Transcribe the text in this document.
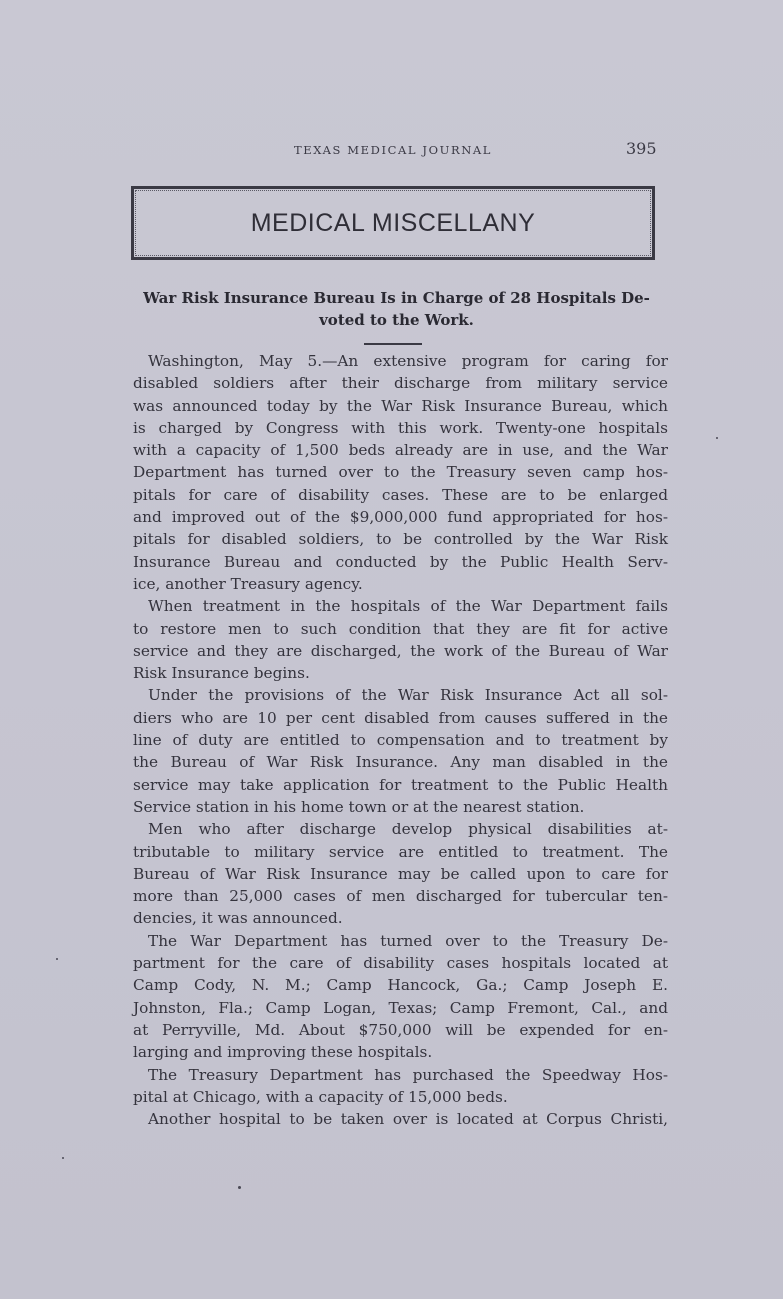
TEXAS MEDICAL JOURNAL	395
MEDICAL MISCELLANY
War Risk Insurance Bureau Is in Charge of 28 Hospitals De-
voted to the Work.
Washington, May 5.—An extensive program for caring for
disabled soldiers after their discharge from military service
was announced today by the War Risk Insurance Bureau, which
is charged by Congress with this work. Twenty-one hospitals
with a capacity of 1,500 beds already are in use, and the War
Department has turned over to the Treasury seven camp hos-
pitals for care of disability cases. These are to be enlarged
and improved out of the $9,000,000 fund appropriated for hos-
pitals for disabled soldiers, to be controlled by the War Risk
Insurance Bureau and conducted by the Public Health Serv-
ice, another Treasury agency.
When treatment in the hospitals of the War Department fails
to restore men to such condition that they are fit for active
service and they are discharged, the work of the Bureau of War
Risk Insurance begins.
Under the provisions of the War Risk Insurance Act all sol-
diers who are 10 per cent disabled from causes suffered in the
line of duty are entitled to compensation and to treatment by
the Bureau of War Risk Insurance. Any man disabled in the
service may take application for treatment to the Public Health
Service station in his home town or at the nearest station.
Men who after discharge develop physical disabilities at-
tributable to military service are entitled to treatment. The
Bureau of War Risk Insurance may be called upon to care for
more than 25,000 cases of men discharged for tubercular ten-
dencies, it was announced.
The War Department has turned over to the Treasury De-
partment for the care of disability cases hospitals located at
Camp Cody, N. M.; Camp Hancock, Ga.; Camp Joseph E.
Johnston, Fla.; Camp Logan, Texas; Camp Fremont, Cal., and
at Perryville, Md. About $750,000 will be expended for en-
larging and improving these hospitals.
The Treasury Department has purchased the Speedway Hos-
pital at Chicago, with a capacity of 15,000 beds.
Another hospital to be taken over is located at Corpus Christi,
